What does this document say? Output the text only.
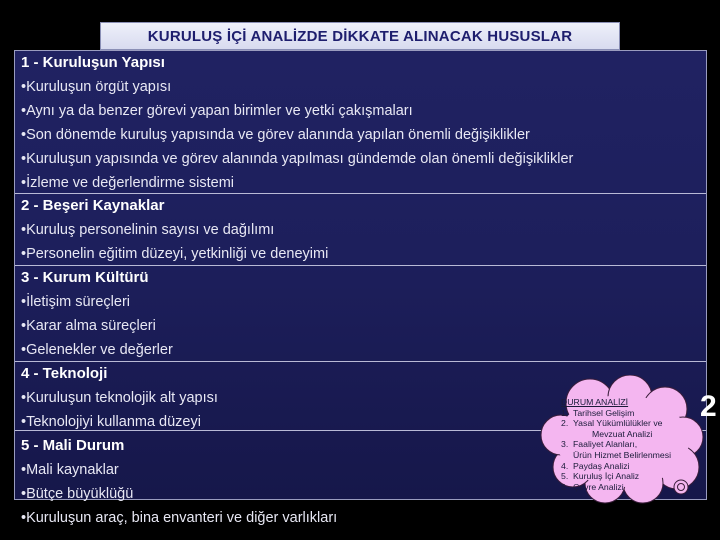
KURULUŞ İÇİ ANALİZDE DİKKATE ALINACAK HUSUSLAR
1 - Kuruluşun Yapısı
•Kuruluşun örgüt yapısı
•Aynı ya da benzer görevi yapan birimler ve yetki çakışmaları
•Son dönemde kuruluş yapısında ve görev alanında yapılan önemli değişiklikler
•Kuruluşun yapısında ve görev alanında yapılması gündemde olan önemli değişiklikler
•İzleme ve değerlendirme sistemi
2 - Beşeri Kaynaklar
•Kuruluş personelinin sayısı ve dağılımı
•Personelin eğitim düzeyi, yetkinliği ve deneyimi
3 - Kurum Kültürü
•İletişim süreçleri
•Karar alma süreçleri
•Gelenekler ve değerler
4 - Teknoloji
•Kuruluşun teknolojik alt yapısı
•Teknolojiyi kullanma düzeyi
5 - Mali Durum
•Mali kaynaklar
•Bütçe büyüklüğü
•Kuruluşun araç, bina envanteri ve diğer varlıkları
DURUM ANALİZİ
1. Tarihsel Gelişim
2. Yasal Yükümlülükler ve
Mevzuat Analizi
3. Faaliyet Alanları,
Ürün Hizmet Belirlenmesi
4. Paydaş Analizi
5. Kuruluş İçi Analiz
6. Çevre Analizi
2
